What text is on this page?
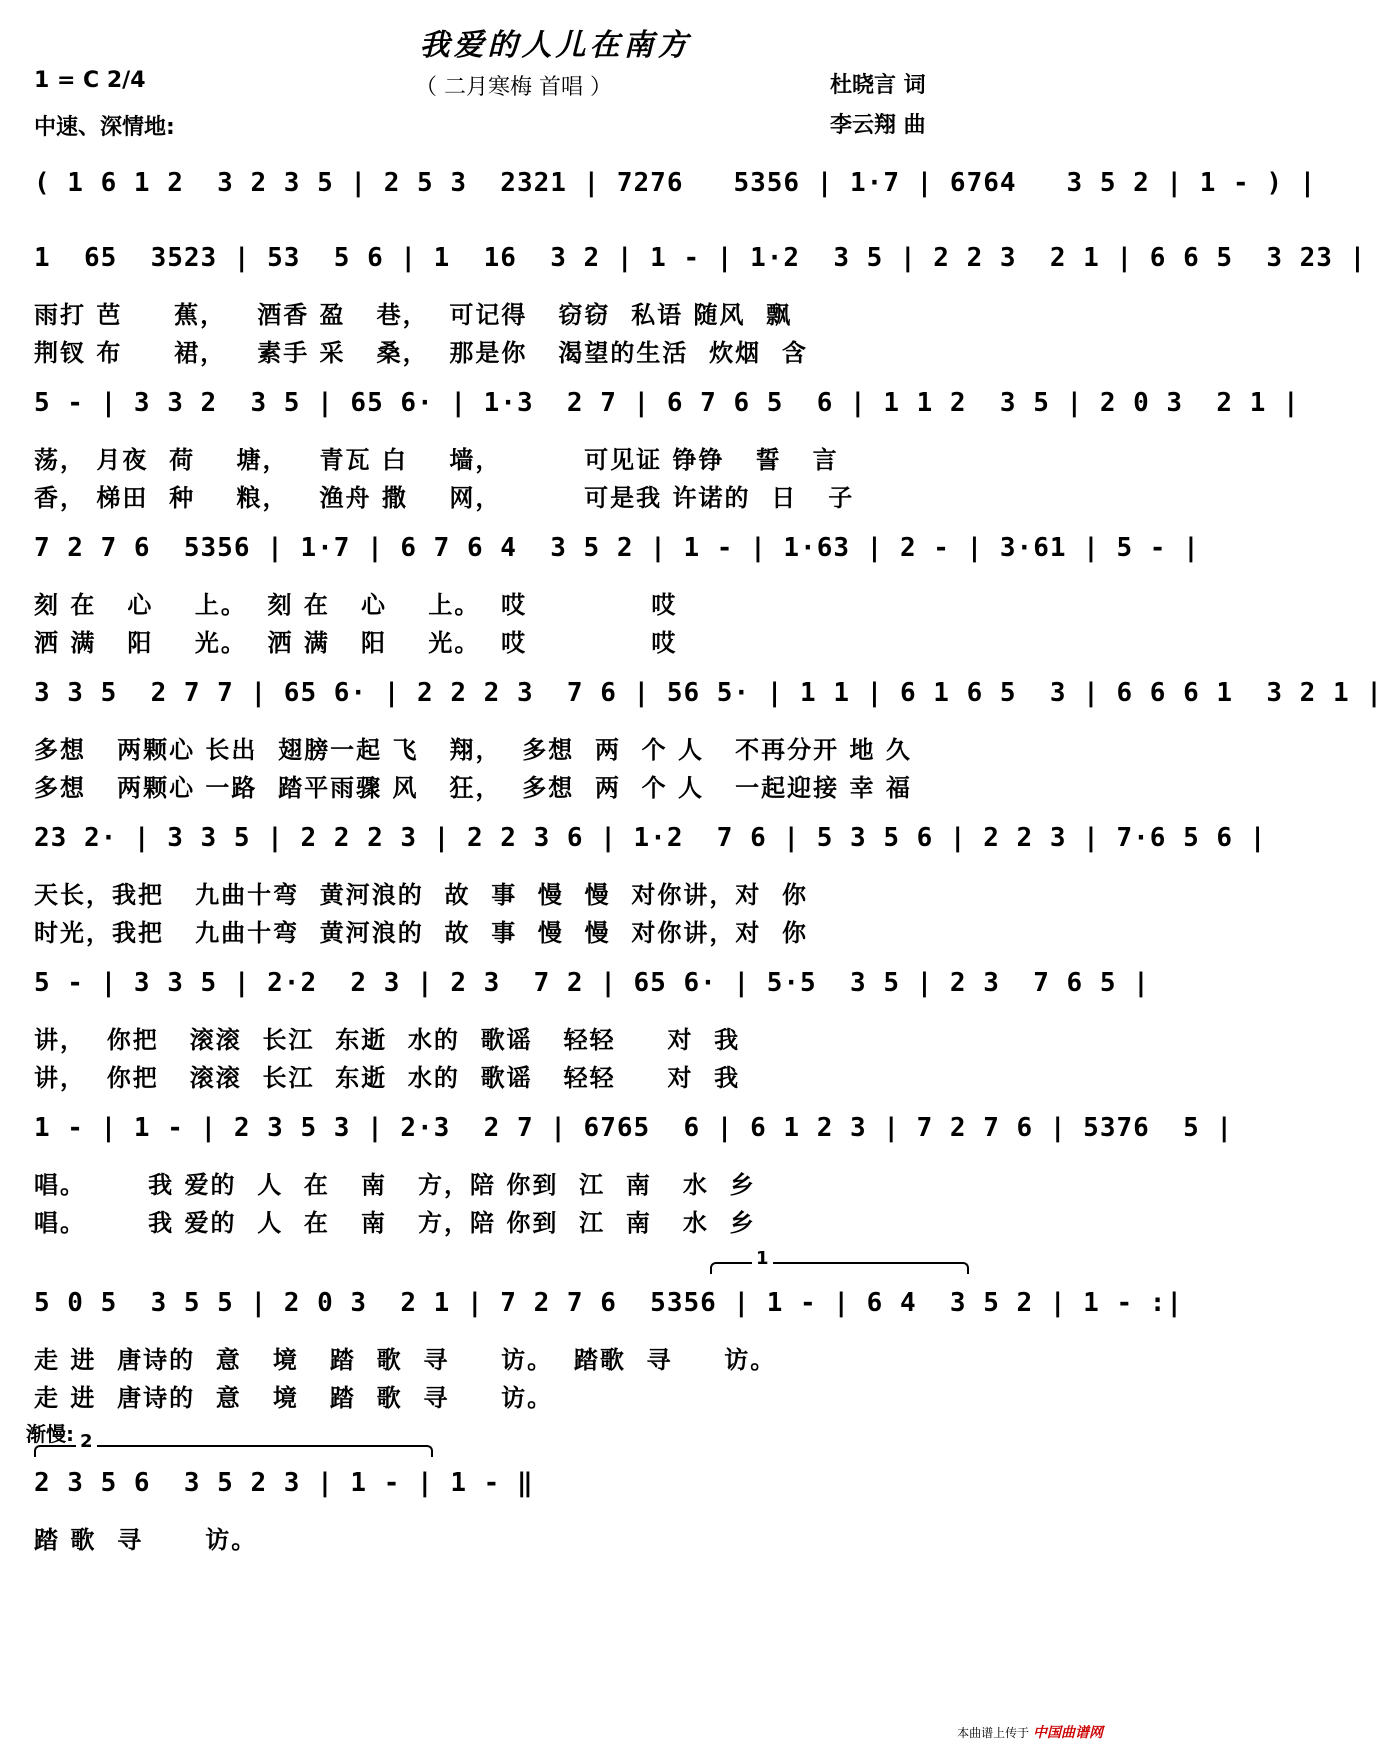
我爱的人儿在南方
1 = C 2/4	（ 二月寒梅 首唱 ）	杜晓言 词
中速、深情地:	李云翔 曲
( 1 6 1 2  3 2 3 5 | 2 5 3  2321 | 7276   5356 | 1·7 | 6764   3 5 2 | 1 - ) |
1  65  3523 | 53  5 6 | 1  16  3 2 | 1 - | 1·2  3 5 | 2 2 3  2 1 | 6 6 5  3 23 |
雨打 芭     蕉，   酒香 盈   巷，  可记得   窃窃  私语 随风  飘
荆钗 布     裙，   素手 采   桑，  那是你   渴望的生活  炊烟  含
5 - | 3 3 2  3 5 | 65 6· | 1·3  2 7 | 6 7 6 5  6 | 1 1 2  3 5 | 2 0 3  2 1 |
荡， 月夜  荷    塘，   青瓦 白    墙，        可见证 铮铮   誓   言
香， 梯田  种    粮，   渔舟 撒    网，        可是我 许诺的  日   子
7 2 7 6  5356 | 1·7 | 6 7 6 4  3 5 2 | 1 - | 1·63 | 2 - | 3·61 | 5 - |
刻 在   心    上。  刻 在   心    上。  哎            哎
洒 满   阳    光。  洒 满   阳    光。  哎            哎
3 3 5  2 7 7 | 65 6· | 2 2 2 3  7 6 | 56 5· | 1 1 | 6 1 6 5  3 | 6 6 6 1  3 2 1 |
多想   两颗心 长出  翅膀一起 飞   翔，  多想  两  个 人   不再分开 地 久
多想   两颗心 一路  踏平雨骤 风   狂，  多想  两  个 人   一起迎接 幸 福
23 2· | 3 3 5 | 2 2 2 3 | 2 2 3 6 | 1·2  7 6 | 5 3 5 6 | 2 2 3 | 7·6 5 6 |
天长，我把   九曲十弯  黄河浪的  故  事  慢  慢  对你讲，对  你
时光，我把   九曲十弯  黄河浪的  故  事  慢  慢  对你讲，对  你
5 - | 3 3 5 | 2·2  2 3 | 2 3  7 2 | 65 6· | 5·5  3 5 | 2 3  7 6 5 |
讲，  你把   滚滚  长江  东逝  水的  歌谣   轻轻     对  我
讲，  你把   滚滚  长江  东逝  水的  歌谣   轻轻     对  我
1 - | 1 - | 2 3 5 3 | 2·3  2 7 | 6765  6 | 6 1 2 3 | 7 2 7 6 | 5376  5 |
唱。      我 爱的  人  在   南   方，陪 你到  江  南   水  乡
唱。      我 爱的  人  在   南   方，陪 你到  江  南   水  乡
5 0 5  3 5 5 | 2 0 3  2 1 | 7 2 7 6  5356 | 1 - | 6 4  3 5 2 | 1 - :|
走 进  唐诗的  意   境   踏  歌  寻     访。  踏歌  寻     访。
走 进  唐诗的  意   境   踏  歌  寻     访。
2 3 5 6  3 5 2 3 | 1 - | 1 - ‖
踏 歌  寻      访。
1
渐慢: 2
本曲谱上传于 中国曲谱网
